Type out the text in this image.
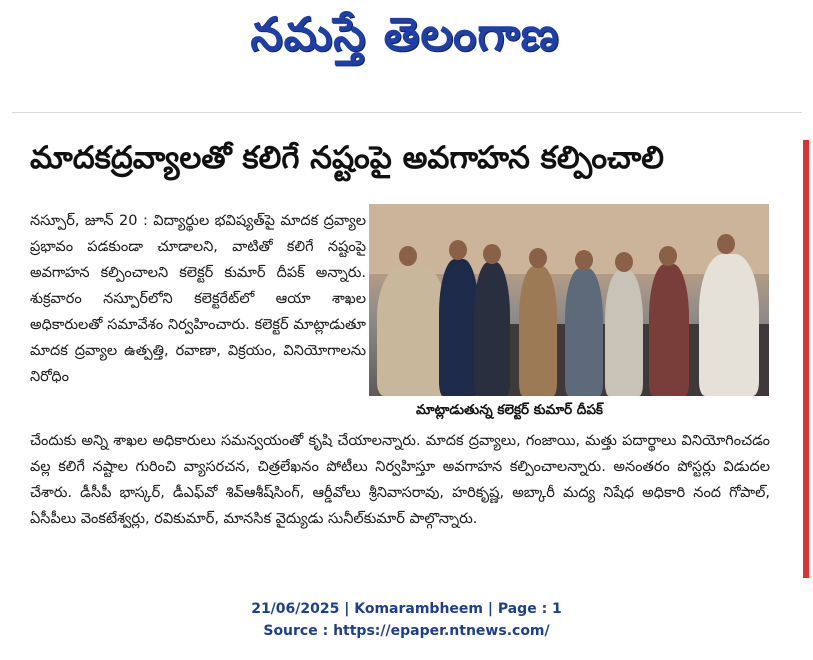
నమస్తే తెలంగాణ
మాదకద్రవ్యాలతో కలిగే నష్టంపై అవగాహన కల్పించాలి
నస్పూర్, జూన్ 20 : విద్యార్థుల భవిష్యత్‌పై మాదక ద్రవ్యాల ప్రభావం పడకుండా చూడాలని, వాటితో కలిగే నష్టంపై అవగాహన కల్పించాలని కలెక్టర్ కుమార్ దీపక్ అన్నారు. శుక్రవారం నస్పూర్‌లోని కలెక్టరేట్‌లో ఆయా శాఖల అధికారులతో సమావేశం నిర్వహించారు. కలెక్టర్ మాట్లాడుతూ మాదక ద్రవ్యాల ఉత్పత్తి, రవాణా, విక్రయం, వినియోగాలను నిరోధిం
మాట్లాడుతున్న కలెక్టర్ కుమార్ దీపక్
చేందుకు అన్ని శాఖల అధికారులు సమన్వయంతో కృషి చేయాలన్నారు. మాదక ద్రవ్యాలు, గంజాయి, మత్తు పదార్థాలు వినియోగించడం వల్ల కలిగే నష్టాల గురించి వ్యాసరచన, చిత్రలేఖనం పోటీలు నిర్వహిస్తూ అవగాహన కల్పించాలన్నారు. అనంతరం పోస్టర్లు విడుదల చేశారు. డీసీపీ భాస్కర్, డీఎఫ్‌వో శివ్‌ఆశీష్‌సింగ్, ఆర్డీవోలు శ్రీనివాసరావు, హరికృష్ణ, అబ్కారీ మద్య నిషేధ అధికారి నంద గోపాల్, ఏసీపీలు వెంకటేశ్వర్లు, రవికుమార్, మానసిక వైద్యుడు సునీల్‌కుమార్ పాల్గొన్నారు.
21/06/2025 | Komarambheem | Page : 1
Source : https://epaper.ntnews.com/
